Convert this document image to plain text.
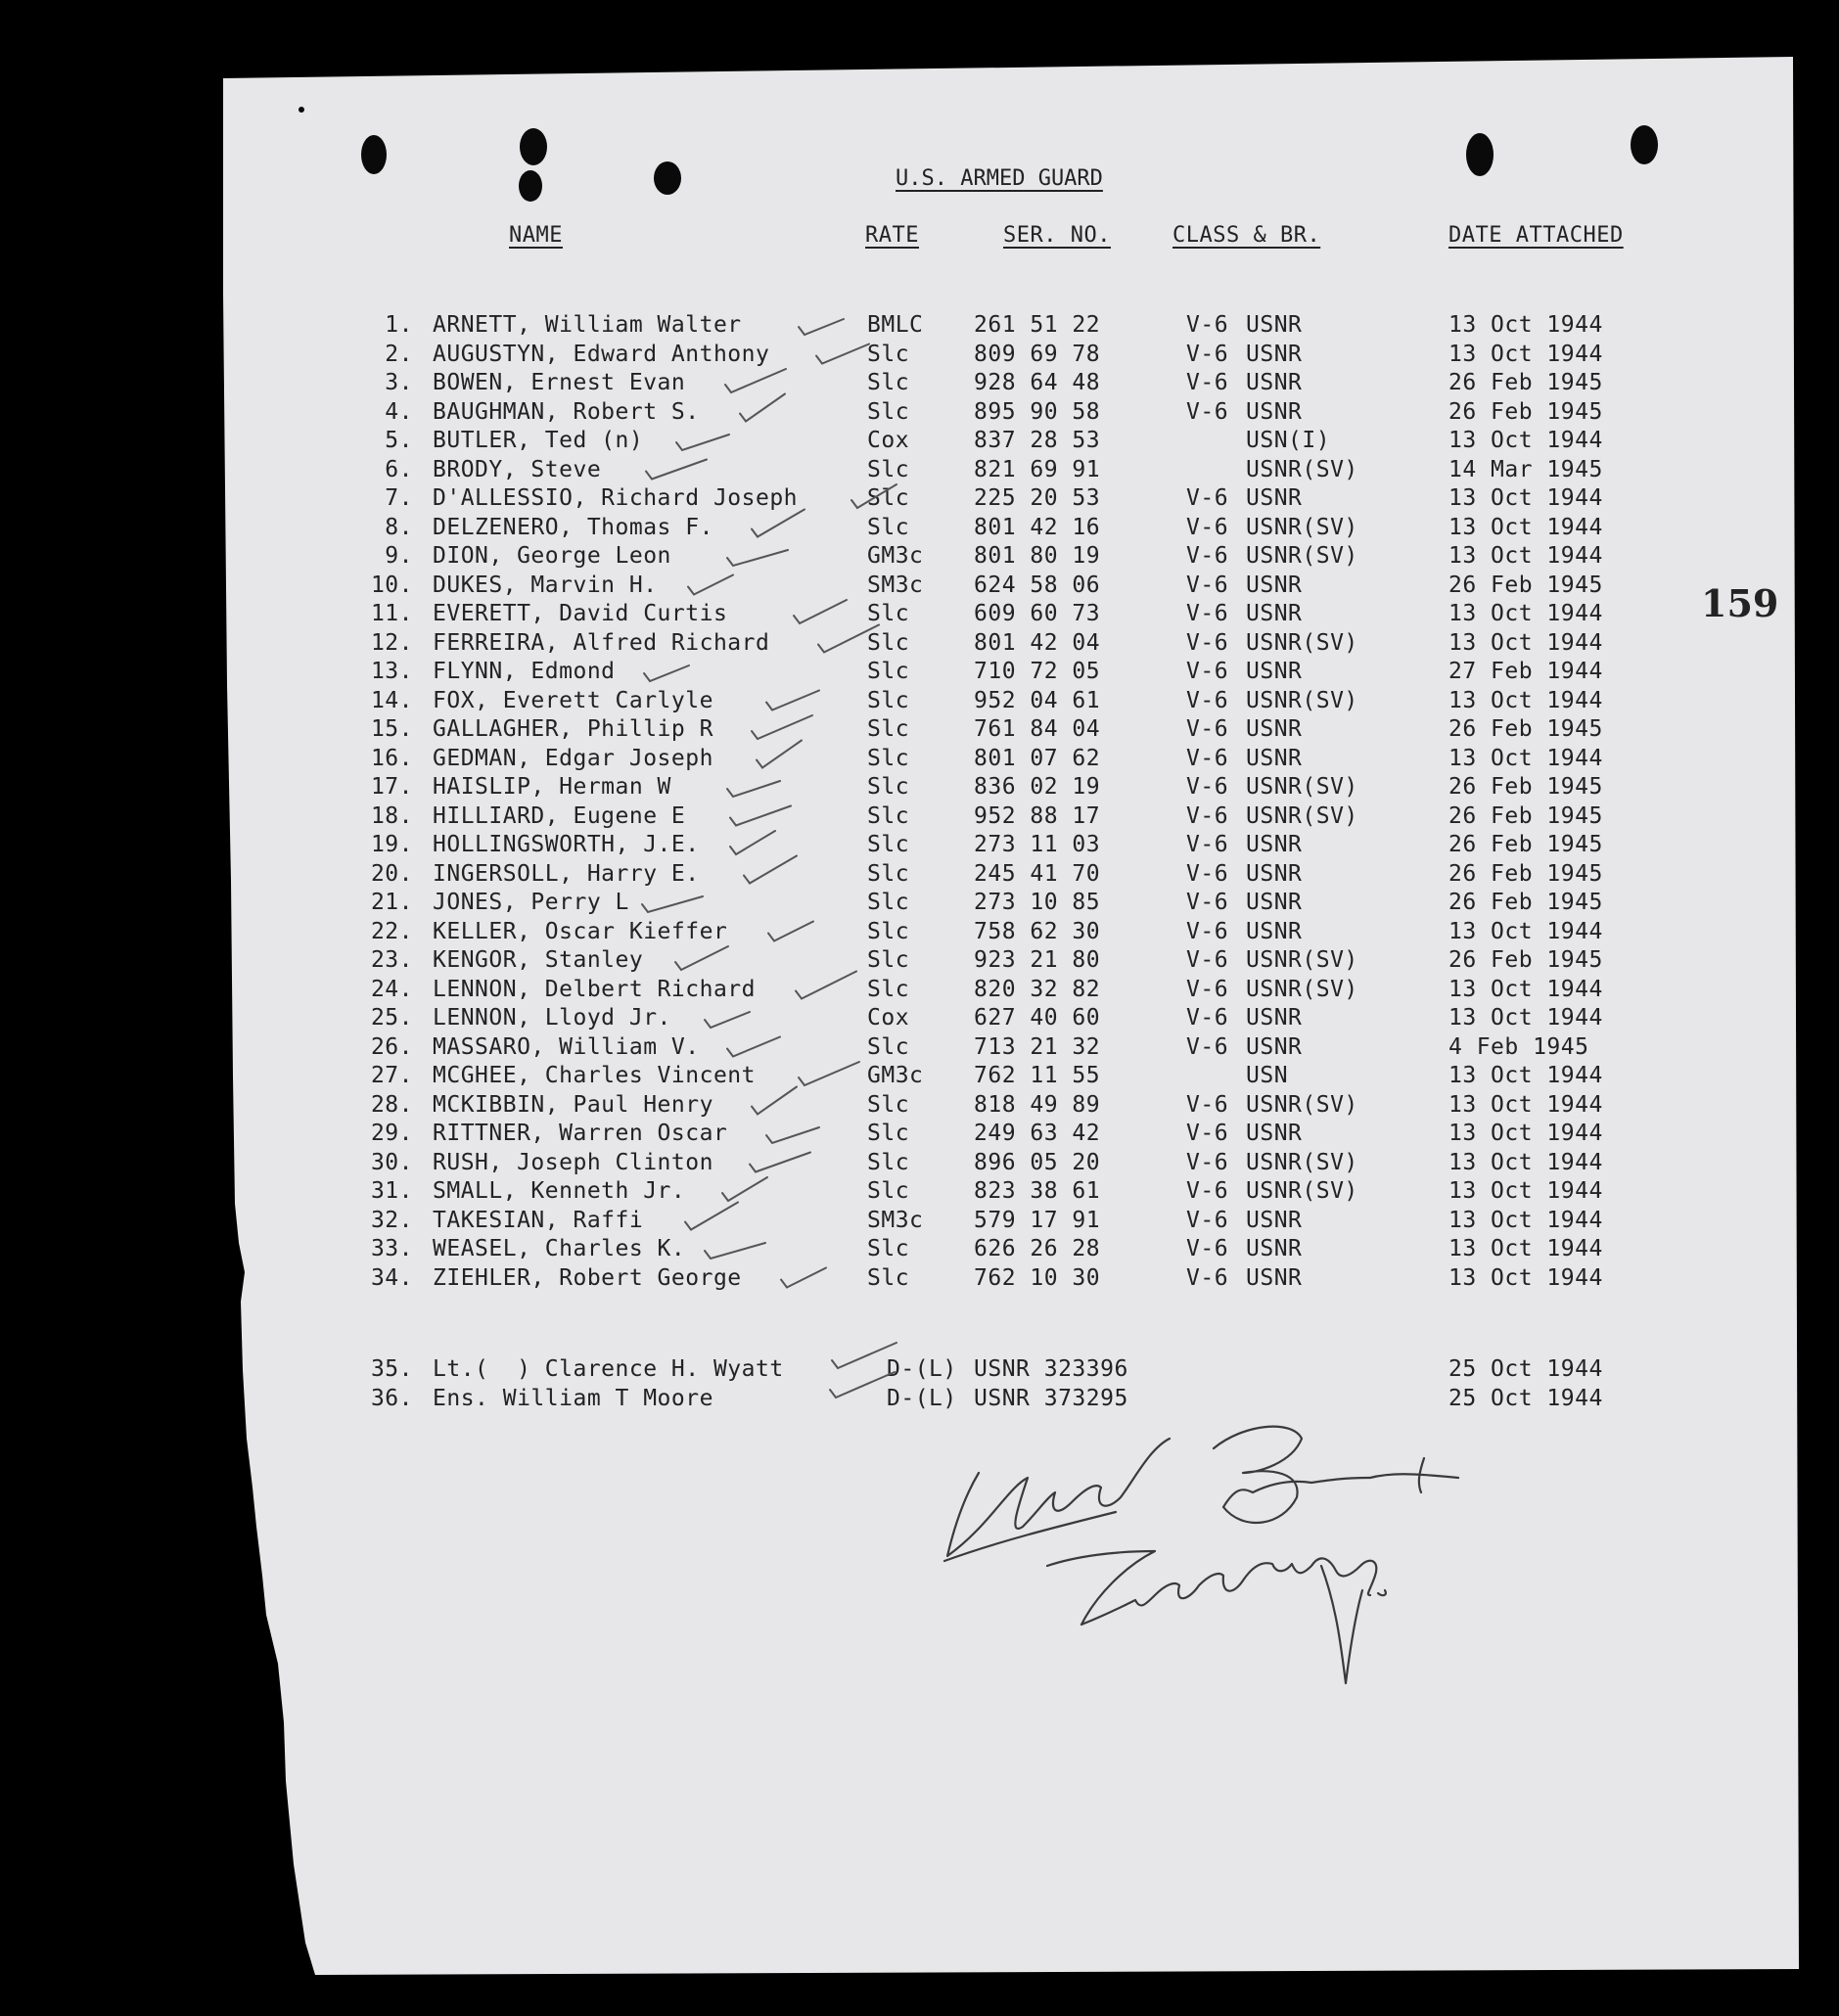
U.S. ARMED GUARD
159
NAME	RATE	SER. NO.	CLASS & BR.	DATE ATTACHED
1. ARNETT, William Walter	BMLC 261 51 22	V-6 USNR	13 Oct 1944
2. AUGUSTYN, Edward Anthony	Slc	809 69 78	V-6 USNR	13 Oct 1944
3. BOWEN, Ernest Evan	Slc	928 64 48	V-6 USNR	26 Feb 1945
4. BAUGHMAN, Robert S.	Slc	895 90 58	V-6 USNR	26 Feb 1945
5. BUTLER, Ted (n)	Cox	837 28 53	USN(I)	13 Oct 1944
6. BRODY, Steve	Slc	821 69 91	USNR(SV)	14 Mar 1945
7. D'ALLESSIO, Richard Joseph	Slc	225 20 53	V-6 USNR	13 Oct 1944
8. DELZENERO, Thomas F.	Slc	801 42 16	V-6 USNR(SV)	13 Oct 1944
9. DION, George Leon	GM3c 801 80 19	V-6 USNR(SV)	13 Oct 1944
10. DUKES, Marvin H.	SM3c 624 58 06	V-6 USNR	26 Feb 1945
11. EVERETT, David Curtis	Slc	609 60 73	V-6 USNR	13 Oct 1944
12. FERREIRA, Alfred Richard	Slc	801 42 04	V-6 USNR(SV)	13 Oct 1944
13. FLYNN, Edmond	Slc	710 72 05	V-6 USNR	27 Feb 1944
14. FOX, Everett Carlyle	Slc	952 04 61	V-6 USNR(SV)	13 Oct 1944
15. GALLAGHER, Phillip R	Slc	761 84 04	V-6 USNR	26 Feb 1945
16. GEDMAN, Edgar Joseph	Slc	801 07 62	V-6 USNR	13 Oct 1944
17. HAISLIP, Herman W	Slc	836 02 19	V-6 USNR(SV)	26 Feb 1945
18. HILLIARD, Eugene E	Slc	952 88 17	V-6 USNR(SV)	26 Feb 1945
19. HOLLINGSWORTH, J.E.	Slc	273 11 03	V-6 USNR	26 Feb 1945
20. INGERSOLL, Harry E.	Slc	245 41 70	V-6 USNR	26 Feb 1945
21. JONES, Perry L	Slc	273 10 85	V-6 USNR	26 Feb 1945
22. KELLER, Oscar Kieffer	Slc	758 62 30	V-6 USNR	13 Oct 1944
23. KENGOR, Stanley	Slc	923 21 80	V-6 USNR(SV)	26 Feb 1945
24. LENNON, Delbert Richard	Slc	820 32 82	V-6 USNR(SV)	13 Oct 1944
25. LENNON, Lloyd Jr.	Cox	627 40 60	V-6 USNR	13 Oct 1944
26. MASSARO, William V.	Slc	713 21 32	V-6 USNR	4 Feb 1945
27. MCGHEE, Charles Vincent	GM3c 762 11 55	USN	13 Oct 1944
28. MCKIBBIN, Paul Henry	Slc	818 49 89	V-6 USNR(SV)	13 Oct 1944
29. RITTNER, Warren Oscar	Slc	249 63 42	V-6 USNR	13 Oct 1944
30. RUSH, Joseph Clinton	Slc	896 05 20	V-6 USNR(SV)	13 Oct 1944
31. SMALL, Kenneth Jr.	Slc	823 38 61	V-6 USNR(SV)	13 Oct 1944
32. TAKESIAN, Raffi	SM3c 579 17 91	V-6 USNR	13 Oct 1944
33. WEASEL, Charles K.	Slc	626 26 28	V-6 USNR	13 Oct 1944
34. ZIEHLER, Robert George	Slc	762 10 30	V-6 USNR	13 Oct 1944
35. Lt.(  ) Clarence H. Wyatt	D-(L) USNR 323396	25 Oct 1944
36. Ens. William T Moore	D-(L) USNR 373295	25 Oct 1944
